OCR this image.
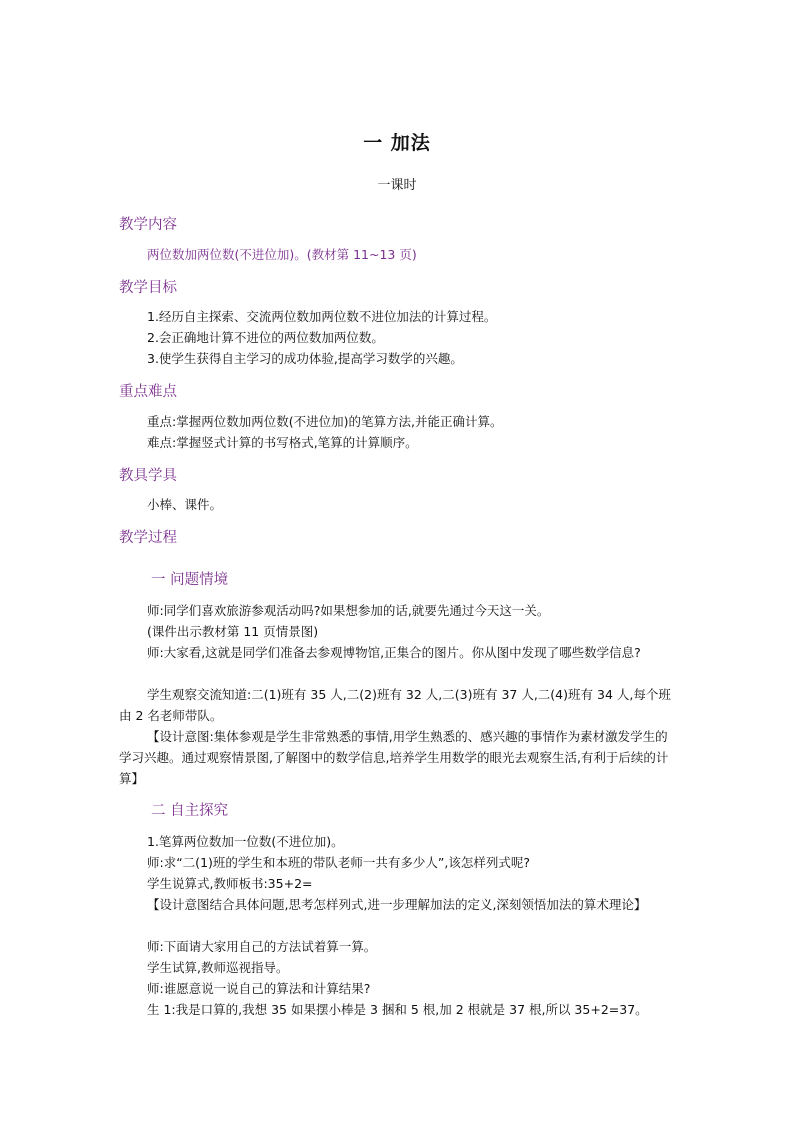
一 加法
一课时
教学内容
两位数加两位数(不进位加)。(教材第 11~13 页)
教学目标
1.经历自主探索、交流两位数加两位数不进位加法的计算过程。
2.会正确地计算不进位的两位数加两位数。
3.使学生获得自主学习的成功体验,提高学习数学的兴趣。
重点难点
重点:掌握两位数加两位数(不进位加)的笔算方法,并能正确计算。
难点:掌握竖式计算的书写格式,笔算的计算顺序。
教具学具
小棒、课件。
教学过程
一 问题情境
师:同学们喜欢旅游参观活动吗?如果想参加的话,就要先通过今天这一关。
(课件出示教材第 11 页情景图)
师:大家看,这就是同学们准备去参观博物馆,正集合的图片。你从图中发现了哪些数学信息?
学生观察交流知道:二(1)班有 35 人,二(2)班有 32 人,二(3)班有 37 人,二(4)班有 34 人,每个班由 2 名老师带队。
【设计意图:集体参观是学生非常熟悉的事情,用学生熟悉的、感兴趣的事情作为素材激发学生的学习兴趣。通过观察情景图,了解图中的数学信息,培养学生用数学的眼光去观察生活,有利于后续的计算】
二 自主探究
1.笔算两位数加一位数(不进位加)。
师:求“二(1)班的学生和本班的带队老师一共有多少人”,该怎样列式呢?
学生说算式,教师板书:35+2=
【设计意图结合具体问题,思考怎样列式,进一步理解加法的定义,深刻领悟加法的算术理论】
师:下面请大家用自己的方法试着算一算。
学生试算,教师巡视指导。
师:谁愿意说一说自己的算法和计算结果?
生 1:我是口算的,我想 35 如果摆小棒是 3 捆和 5 根,加 2 根就是 37 根,所以 35+2=37。
